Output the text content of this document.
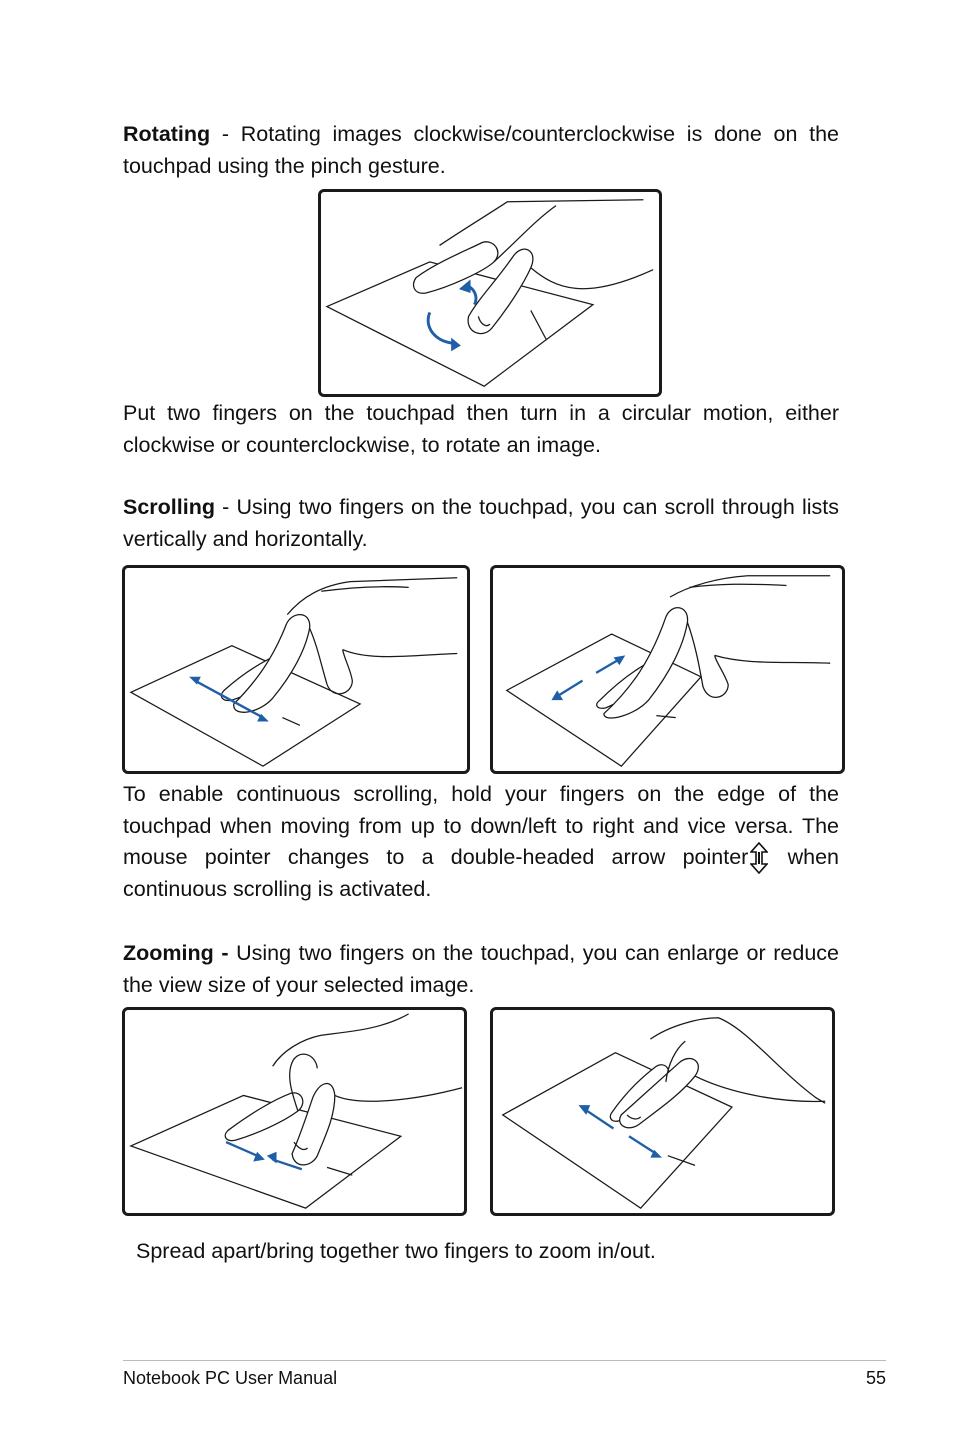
Rotating - Rotating images clockwise/counterclockwise is done on the touchpad using the pinch gesture.

Put two fingers on the touchpad then turn in a circular motion, either clockwise or counterclockwise, to rotate an image.

Scrolling - Using two fingers on the touchpad, you can scroll through lists vertically and horizontally.

To enable continuous scrolling, hold your fingers on the edge of the touchpad when moving from up to down/left to right and vice versa. The mouse pointer changes to a double-headed arrow pointer when continuous scrolling is activated.

Zooming - Using two fingers on the touchpad, you can enlarge or reduce the view size of your selected image.

Spread apart/bring together two fingers to zoom in/out.

Notebook PC User Manual	55
